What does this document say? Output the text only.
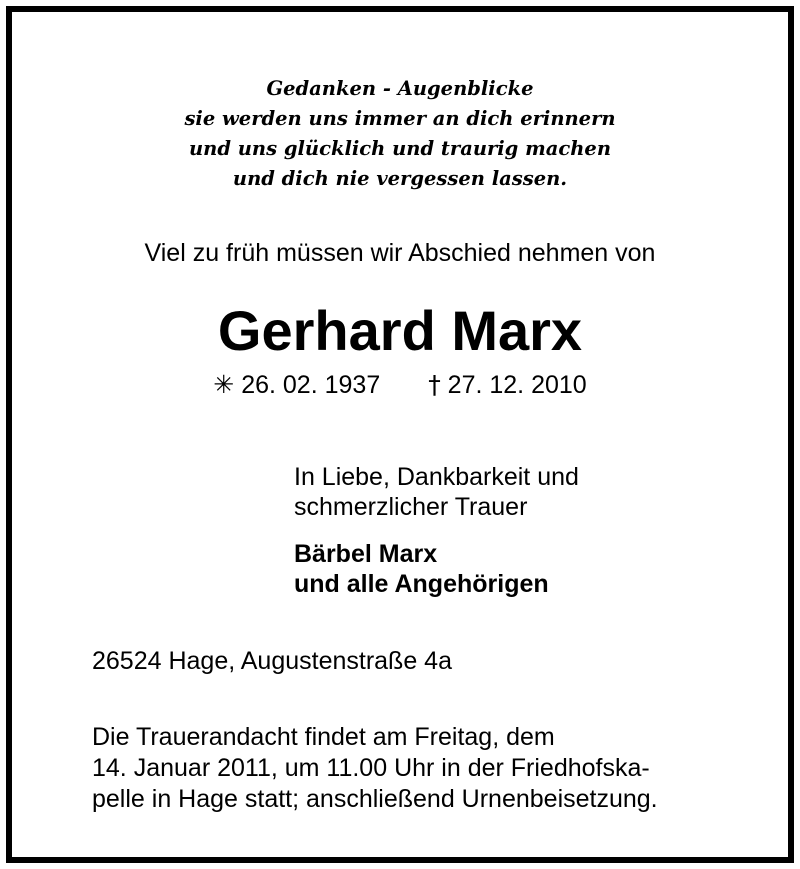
Gedanken - Augenblicke
sie werden uns immer an dich erinnern
und uns glücklich und traurig machen
und dich nie vergessen lassen.
Viel zu früh müssen wir Abschied nehmen von
Gerhard Marx
✳ 26. 02. 1937 † 27. 12. 2010
In Liebe, Dankbarkeit und
schmerzlicher Trauer
Bärbel Marx
und alle Angehörigen
26524 Hage, Augustenstraße 4a
Die Trauerandacht findet am Freitag, dem
14. Januar 2011, um 11.00 Uhr in der Friedhofska-
pelle in Hage statt; anschließend Urnenbeisetzung.
